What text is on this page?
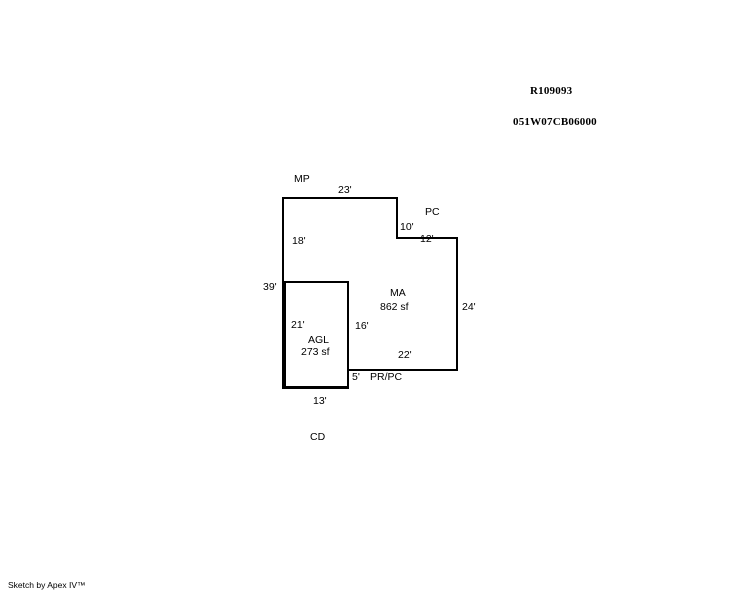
R109093
051W07CB06000
MP
PC
MA
862 sf
AGL
273 sf
PR/PC
CD
23'
18'
10'
12'
39'
24'
21'	16'
22'
5'
13'
Sketch by Apex IV™
